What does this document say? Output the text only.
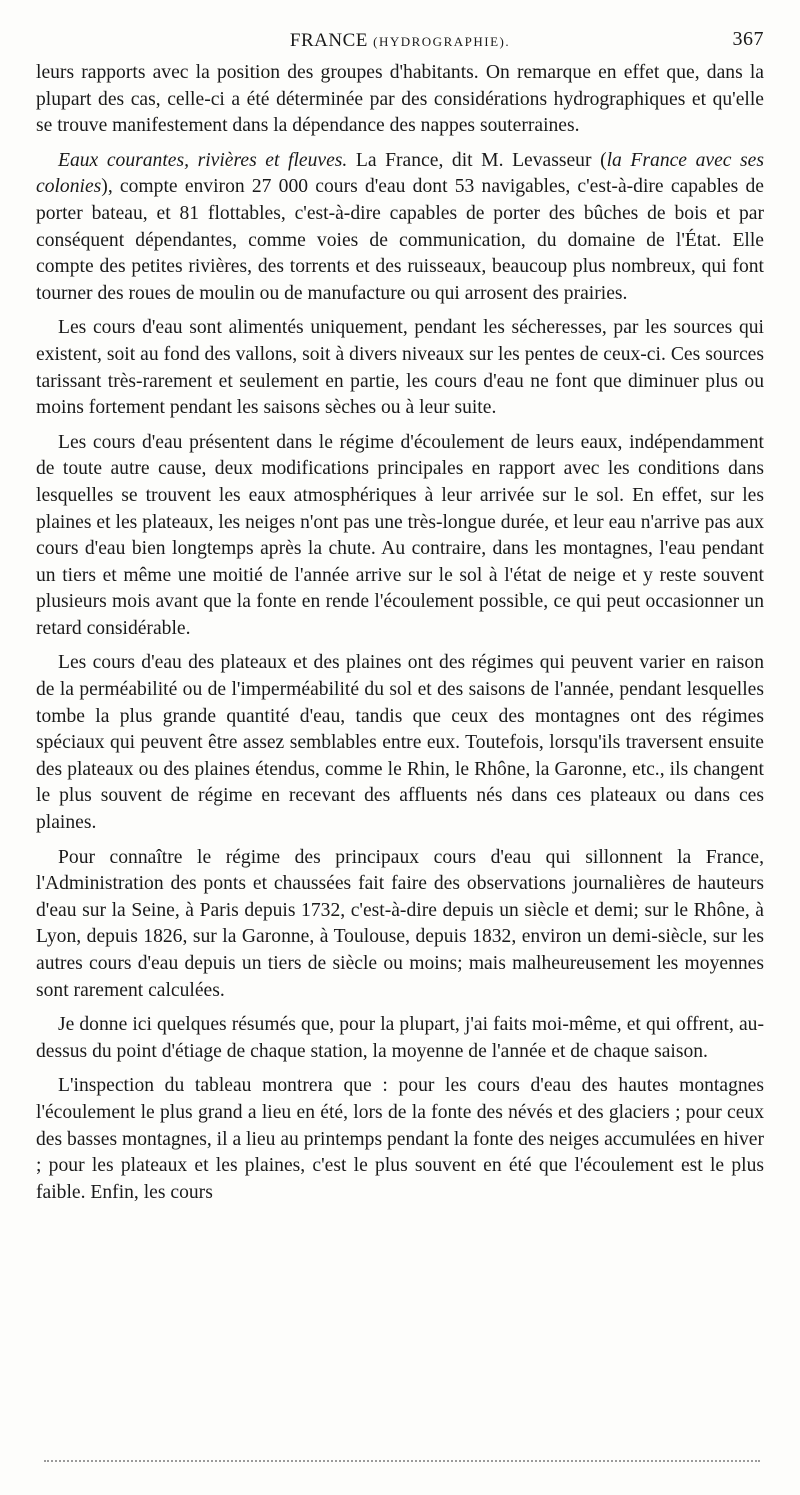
FRANCE (HYDROGRAPHIE).	367

leurs rapports avec la position des groupes d'habitants. On remarque en effet que, dans la plupart des cas, celle-ci a été déterminée par des considérations hydrographiques et qu'elle se trouve manifestement dans la dépendance des nappes souterraines.

Eaux courantes, rivières et fleuves. La France, dit M. Levasseur (la France avec ses colonies), compte environ 27 000 cours d'eau dont 53 navigables, c'est-à-dire capables de porter bateau, et 81 flottables, c'est-à-dire capables de porter des bûches de bois et par conséquent dépendantes, comme voies de communication, du domaine de l'État. Elle compte des petites rivières, des torrents et des ruisseaux, beaucoup plus nombreux, qui font tourner des roues de moulin ou de manufacture ou qui arrosent des prairies.

Les cours d'eau sont alimentés uniquement, pendant les sécheresses, par les sources qui existent, soit au fond des vallons, soit à divers niveaux sur les pentes de ceux-ci. Ces sources tarissant très-rarement et seulement en partie, les cours d'eau ne font que diminuer plus ou moins fortement pendant les saisons sèches ou à leur suite.

Les cours d'eau présentent dans le régime d'écoulement de leurs eaux, indépendamment de toute autre cause, deux modifications principales en rapport avec les conditions dans lesquelles se trouvent les eaux atmosphériques à leur arrivée sur le sol. En effet, sur les plaines et les plateaux, les neiges n'ont pas une très-longue durée, et leur eau n'arrive pas aux cours d'eau bien longtemps après la chute. Au contraire, dans les montagnes, l'eau pendant un tiers et même une moitié de l'année arrive sur le sol à l'état de neige et y reste souvent plusieurs mois avant que la fonte en rende l'écoulement possible, ce qui peut occasionner un retard considérable.

Les cours d'eau des plateaux et des plaines ont des régimes qui peuvent varier en raison de la perméabilité ou de l'imperméabilité du sol et des saisons de l'année, pendant lesquelles tombe la plus grande quantité d'eau, tandis que ceux des montagnes ont des régimes spéciaux qui peuvent être assez semblables entre eux. Toutefois, lorsqu'ils traversent ensuite des plateaux ou des plaines étendus, comme le Rhin, le Rhône, la Garonne, etc., ils changent le plus souvent de régime en recevant des affluents nés dans ces plateaux ou dans ces plaines.

Pour connaître le régime des principaux cours d'eau qui sillonnent la France, l'Administration des ponts et chaussées fait faire des observations journalières de hauteurs d'eau sur la Seine, à Paris depuis 1732, c'est-à-dire depuis un siècle et demi; sur le Rhône, à Lyon, depuis 1826, sur la Garonne, à Toulouse, depuis 1832, environ un demi-siècle, sur les autres cours d'eau depuis un tiers de siècle ou moins; mais malheureusement les moyennes sont rarement calculées.

Je donne ici quelques résumés que, pour la plupart, j'ai faits moi-même, et qui offrent, au-dessus du point d'étiage de chaque station, la moyenne de l'année et de chaque saison.

L'inspection du tableau montrera que : pour les cours d'eau des hautes montagnes l'écoulement le plus grand a lieu en été, lors de la fonte des névés et des glaciers ; pour ceux des basses montagnes, il a lieu au printemps pendant la fonte des neiges accumulées en hiver ; pour les plateaux et les plaines, c'est le plus souvent en été que l'écoulement est le plus faible. Enfin, les cours
